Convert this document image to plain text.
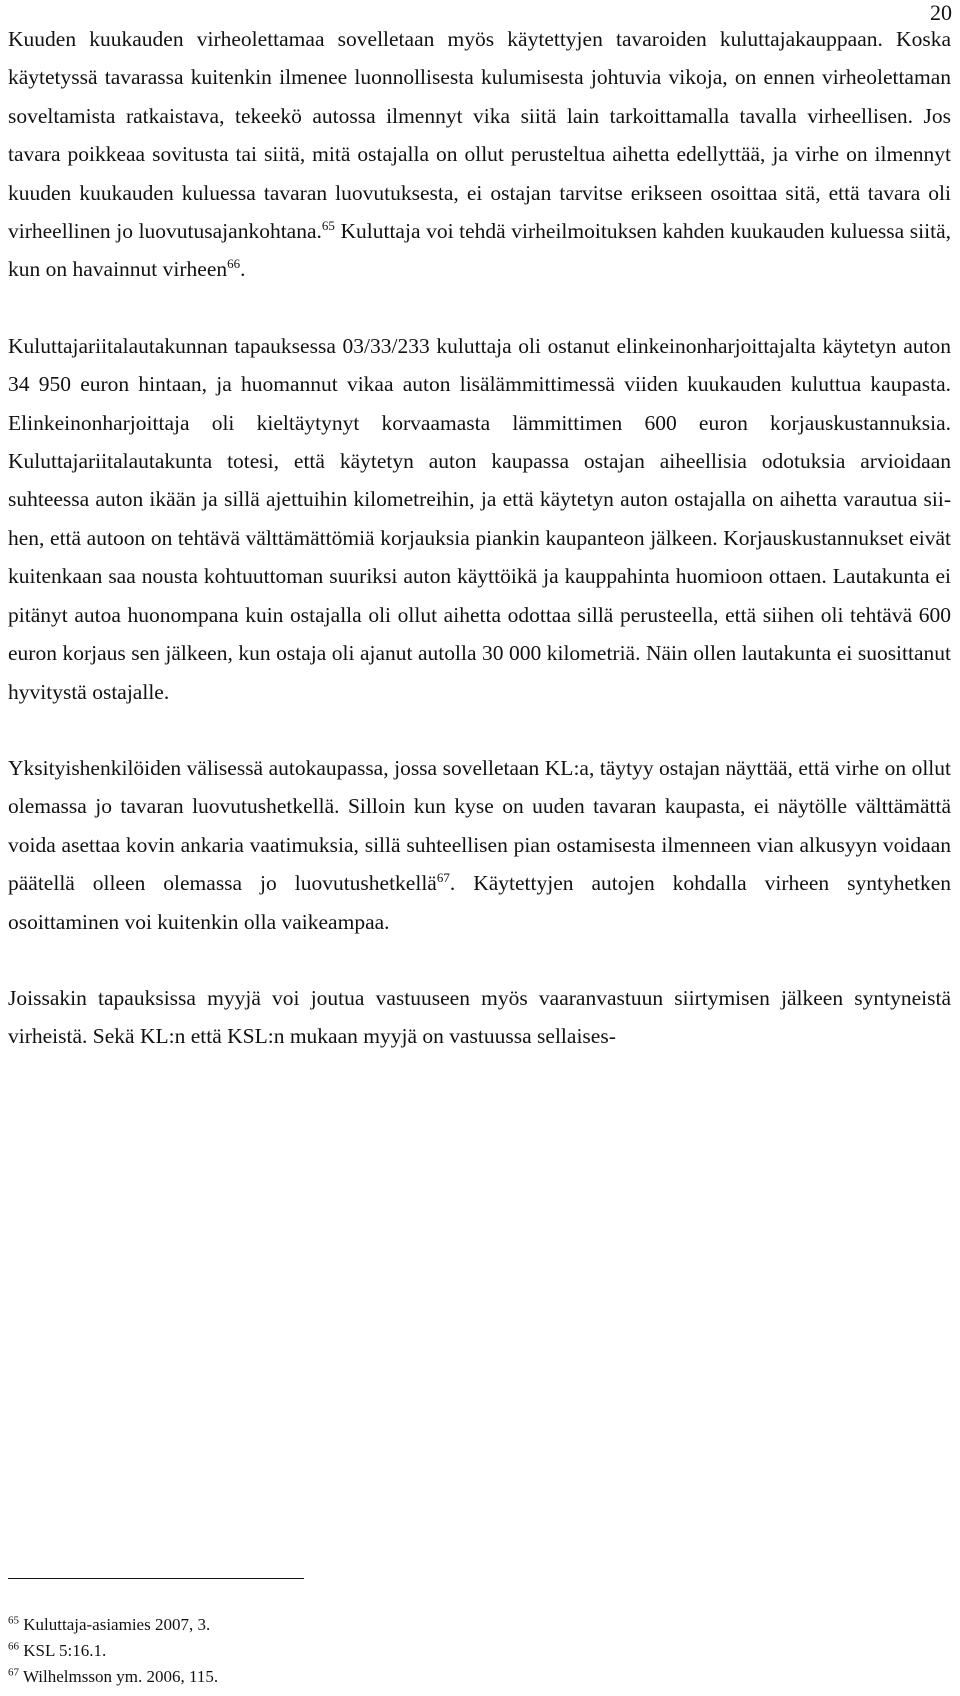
20

Kuuden kuukauden virheolettamaa sovelletaan myös käytettyjen tavaroiden kuluttajakauppaan. Koska käytetyssä tavarassa kuitenkin ilmenee luonnollisesta kulumisesta johtuvia vikoja, on ennen virheolettaman soveltamista ratkaistava, tekeekö autossa ilmennyt vika siitä lain tarkoittamalla tavalla virheellisen. Jos tavara poikkeaa sovitusta tai siitä, mitä ostajalla on ollut perusteltua aihetta edellyttää, ja virhe on ilmennyt kuuden kuukauden kuluessa tavaran luovutuksesta, ei ostajan tarvitse erikseen osoittaa sitä, että tavara oli virheellinen jo luovutusajankohtana.$^{65}$ Kuluttaja voi tehdä virheilmoituksen kahden kuukauden kuluessa siitä, kun on havainnut virheen$^{66}$.

Kuluttajariitalautakunnan tapauksessa 03/33/233 kuluttaja oli ostanut elinkeinonharjoittajalta käytetyn auton 34 950 euron hintaan, ja huomannut vikaa auton lisälämmittimessä viiden kuukauden kuluttua kaupasta. Elinkeinonharjoittaja oli kieltäytynyt korvaamasta lämmittimen 600 euron korjauskustannuksia. Kuluttajariitalautakunta totesi, että käytetyn auton kaupassa ostajan aiheellisia odotuksia arvioidaan suhteessa auton ikään ja sillä ajettuihin kilometreihin, ja että käytetyn auton ostajalla on aihetta varautua siihen, että autoon on tehtävä välttämättömiä korjauksia piankin kaupanteon jälkeen. Korjauskustannukset eivät kuitenkaan saa nousta kohtuuttoman suuriksi auton käyttöikä ja kauppahinta huomioon ottaen. Lautakunta ei pitänyt autoa huonompana kuin ostajalla oli ollut aihetta odottaa sillä perusteella, että siihen oli tehtävä 600 euron korjaus sen jälkeen, kun ostaja oli ajanut autolla 30 000 kilometriä. Näin ollen lautakunta ei suosittanut hyvitystä ostajalle.

Yksityishenkilöiden välisessä autokaupassa, jossa sovelletaan KL:a, täytyy ostajan näyttää, että virhe on ollut olemassa jo tavaran luovutushetkellä. Silloin kun kyse on uuden tavaran kaupasta, ei näytölle välttämättä voida asettaa kovin ankaria vaatimuksia, sillä suhteellisen pian ostamisesta ilmenneen vian alkusyyn voidaan päätellä olleen olemassa jo luovutushetkellä$^{67}$. Käytettyjen autojen kohdalla virheen syntyhetken osoittaminen voi kuitenkin olla vaikeampaa.

Joissakin tapauksissa myyjä voi joutua vastuuseen myös vaaranvastuun siirtymisen jälkeen syntyneistä virheistä. Sekä KL:n että KSL:n mukaan myyjä on vastuussa sellaises-

$^{65}$ Kuluttaja-asiamies 2007, 3.
$^{66}$ KSL 5:16.1.
$^{67}$ Wilhelmsson ym. 2006, 115.
